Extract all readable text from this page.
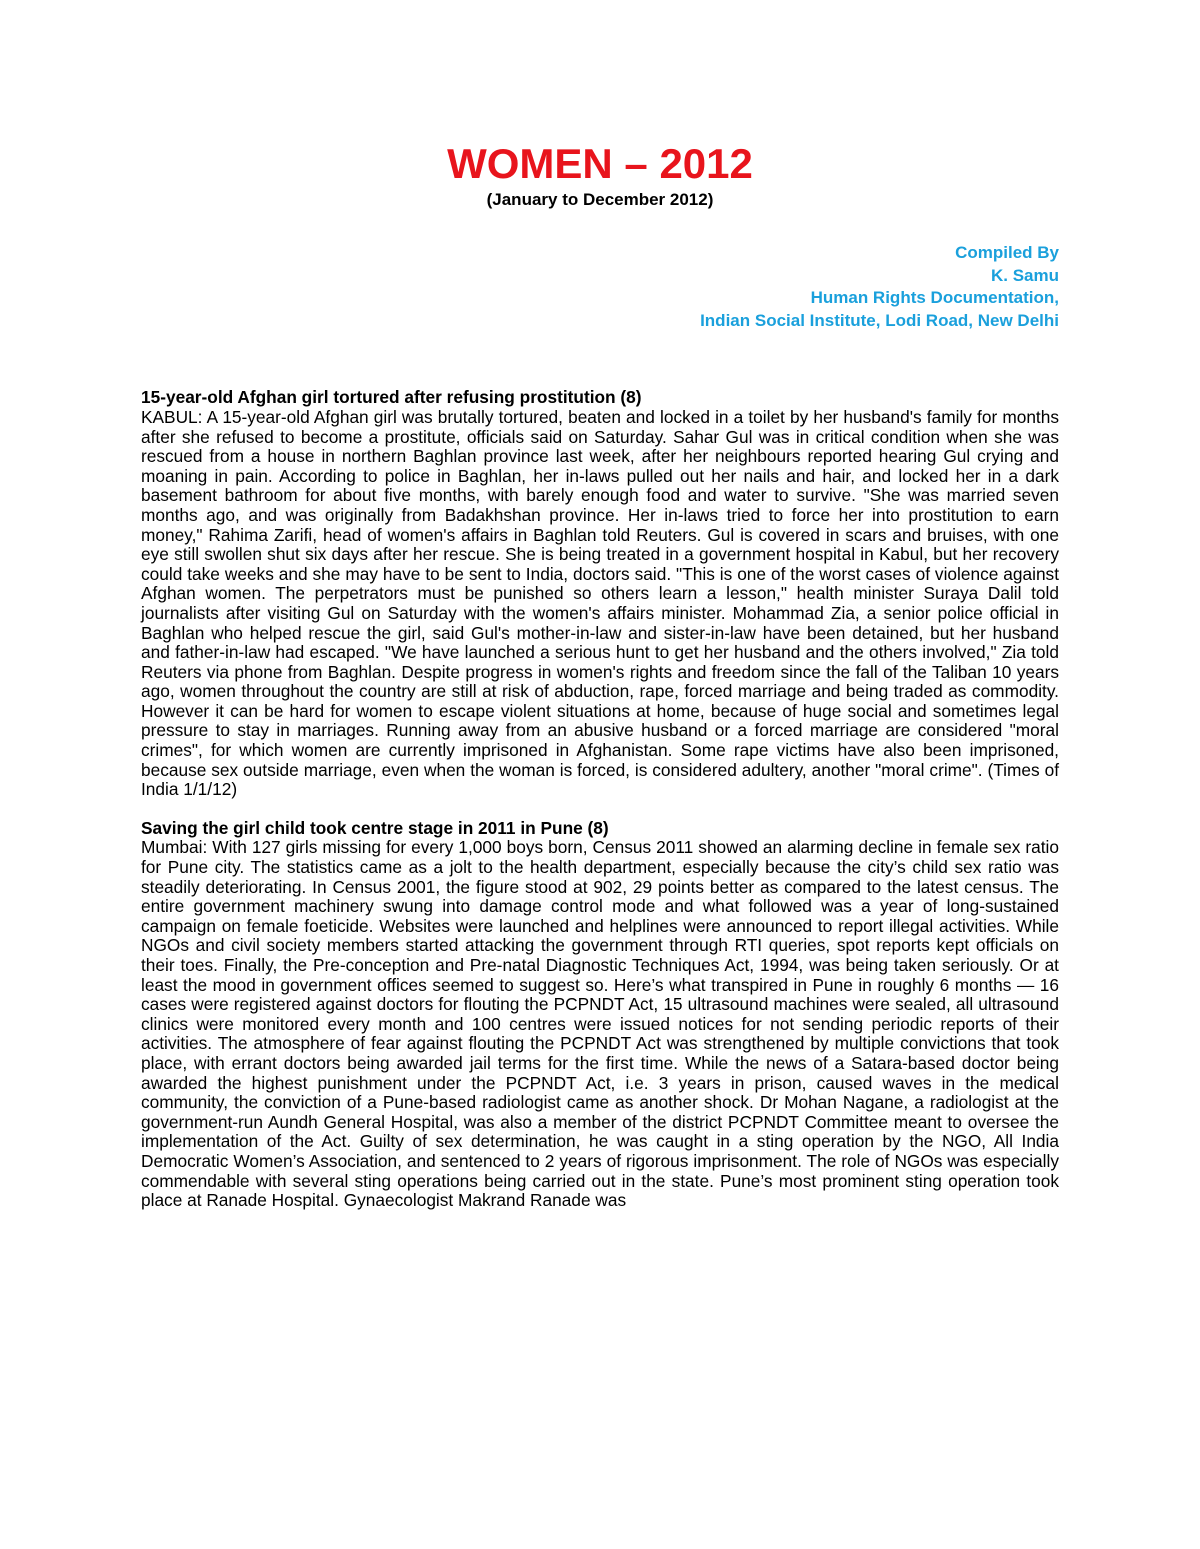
WOMEN – 2012

(January to December 2012)

Compiled By
K. Samu
Human Rights Documentation,
Indian Social Institute, Lodi Road, New Delhi

15-year-old Afghan girl tortured after refusing prostitution (8)

KABUL: A 15-year-old Afghan girl was brutally tortured, beaten and locked in a toilet by her husband's family for months after she refused to become a prostitute, officials said on Saturday. Sahar Gul was in critical condition when she was rescued from a house in northern Baghlan province last week, after her neighbours reported hearing Gul crying and moaning in pain. According to police in Baghlan, her in-laws pulled out her nails and hair, and locked her in a dark basement bathroom for about five months, with barely enough food and water to survive. "She was married seven months ago, and was originally from Badakhshan province. Her in-laws tried to force her into prostitution to earn money," Rahima Zarifi, head of women's affairs in Baghlan told Reuters. Gul is covered in scars and bruises, with one eye still swollen shut six days after her rescue. She is being treated in a government hospital in Kabul, but her recovery could take weeks and she may have to be sent to India, doctors said. "This is one of the worst cases of violence against Afghan women. The perpetrators must be punished so others learn a lesson," health minister Suraya Dalil told journalists after visiting Gul on Saturday with the women's affairs minister. Mohammad Zia, a senior police official in Baghlan who helped rescue the girl, said Gul's mother-in-law and sister-in-law have been detained, but her husband and father-in-law had escaped. "We have launched a serious hunt to get her husband and the others involved," Zia told Reuters via phone from Baghlan. Despite progress in women's rights and freedom since the fall of the Taliban 10 years ago, women throughout the country are still at risk of abduction, rape, forced marriage and being traded as commodity. However it can be hard for women to escape violent situations at home, because of huge social and sometimes legal pressure to stay in marriages. Running away from an abusive husband or a forced marriage are considered "moral crimes", for which women are currently imprisoned in Afghanistan. Some rape victims have also been imprisoned, because sex outside marriage, even when the woman is forced, is considered adultery, another "moral crime". (Times of India 1/1/12)

Saving the girl child took centre stage in 2011 in Pune (8)

Mumbai: With 127 girls missing for every 1,000 boys born, Census 2011 showed an alarming decline in female sex ratio for Pune city. The statistics came as a jolt to the health department, especially because the city’s child sex ratio was steadily deteriorating. In Census 2001, the figure stood at 902, 29 points better as compared to the latest census. The entire government machinery swung into damage control mode and what followed was a year of long-sustained campaign on female foeticide. Websites were launched and helplines were announced to report illegal activities. While NGOs and civil society members started attacking the government through RTI queries, spot reports kept officials on their toes. Finally, the Pre-conception and Pre-natal Diagnostic Techniques Act, 1994, was being taken seriously. Or at least the mood in government offices seemed to suggest so. Here’s what transpired in Pune in roughly 6 months — 16 cases were registered against doctors for flouting the PCPNDT Act, 15 ultrasound machines were sealed, all ultrasound clinics were monitored every month and 100 centres were issued notices for not sending periodic reports of their activities. The atmosphere of fear against flouting the PCPNDT Act was strengthened by multiple convictions that took place, with errant doctors being awarded jail terms for the first time. While the news of a Satara-based doctor being awarded the highest punishment under the PCPNDT Act, i.e. 3 years in prison, caused waves in the medical community, the conviction of a Pune-based radiologist came as another shock. Dr Mohan Nagane, a radiologist at the government-run Aundh General Hospital, was also a member of the district PCPNDT Committee meant to oversee the implementation of the Act. Guilty of sex determination, he was caught in a sting operation by the NGO, All India Democratic Women’s Association, and sentenced to 2 years of rigorous imprisonment. The role of NGOs was especially commendable with several sting operations being carried out in the state. Pune’s most prominent sting operation took place at Ranade Hospital. Gynaecologist Makrand Ranade was
